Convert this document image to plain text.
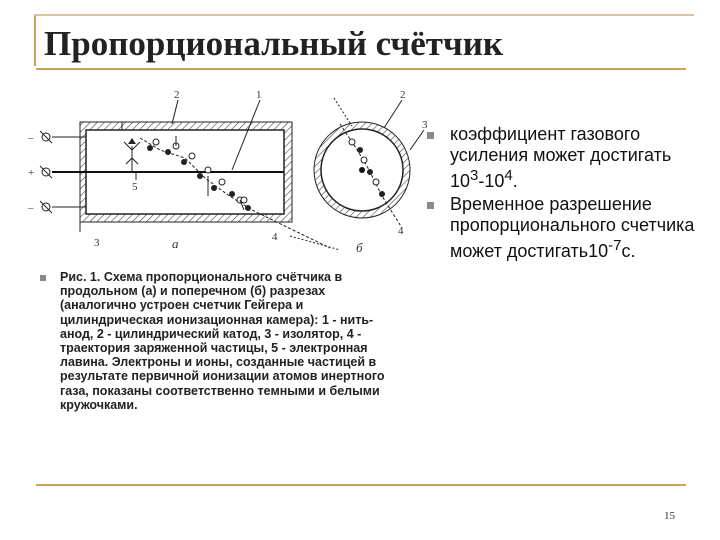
Пропорциональный счётчик
2	1	2
3
5
3	4	4
а	б
–
+
–
коэффициент газового усиления может достигать $10^3-10^4$.
Временное разрешение пропорционального счетчика может $достигать10^{-7}с$.
Рис. 1. Схема пропорционального счётчика в продольном (а) и поперечном (б) разрезах (аналогично устроен счетчик Гейгера и цилиндрическая ионизационная камера): 1 - нить-анод, 2 - цилиндрический катод, 3 - изолятор, 4 - траектория заряженной частицы, 5 - электронная лавина. Электроны и ионы, созданные частицей в результате первичной ионизации атомов инертного газа, показаны соответственно темными и белыми кружочками.
15
